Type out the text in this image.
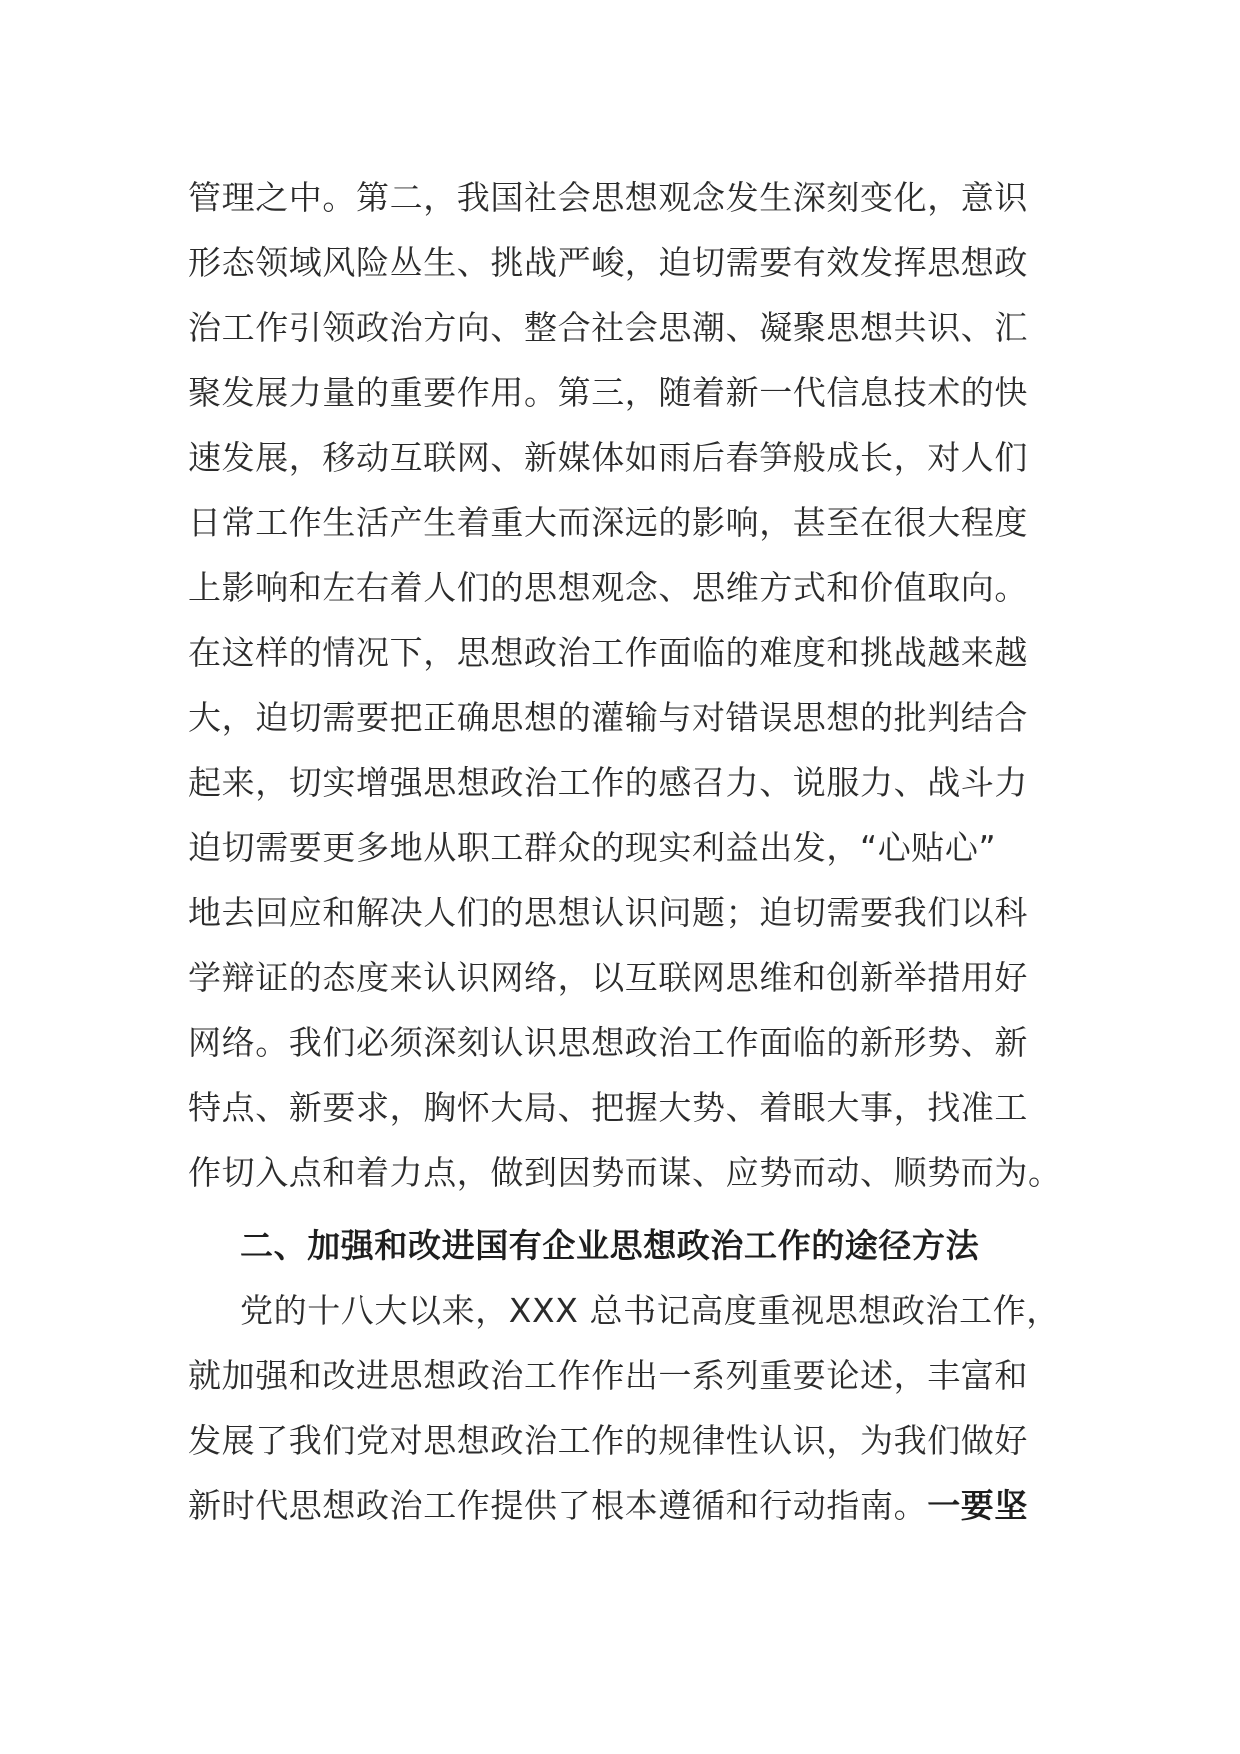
管理之中。第二，我国社会思想观念发生深刻变化，意识
形态领域风险丛生、挑战严峻，迫切需要有效发挥思想政
治工作引领政治方向、整合社会思潮、凝聚思想共识、汇
聚发展力量的重要作用。第三，随着新一代信息技术的快
速发展，移动互联网、新媒体如雨后春笋般成长，对人们
日常工作生活产生着重大而深远的影响，甚至在很大程度
上影响和左右着人们的思想观念、思维方式和价值取向。
在这样的情况下，思想政治工作面临的难度和挑战越来越
大，迫切需要把正确思想的灌输与对错误思想的批判结合
起来，切实增强思想政治工作的感召力、说服力、战斗力
迫切需要更多地从职工群众的现实利益出发，“心贴心”
地去回应和解决人们的思想认识问题；迫切需要我们以科
学辩证的态度来认识网络，以互联网思维和创新举措用好
网络。我们必须深刻认识思想政治工作面临的新形势、新
特点、新要求，胸怀大局、把握大势、着眼大事，找准工
作切入点和着力点，做到因势而谋、应势而动、顺势而为。
二、加强和改进国有企业思想政治工作的途径方法
党的十八大以来，XXX 总书记高度重视思想政治工作，
就加强和改进思想政治工作作出一系列重要论述，丰富和
发展了我们党对思想政治工作的规律性认识，为我们做好
新时代思想政治工作提供了根本遵循和行动指南。一要坚
